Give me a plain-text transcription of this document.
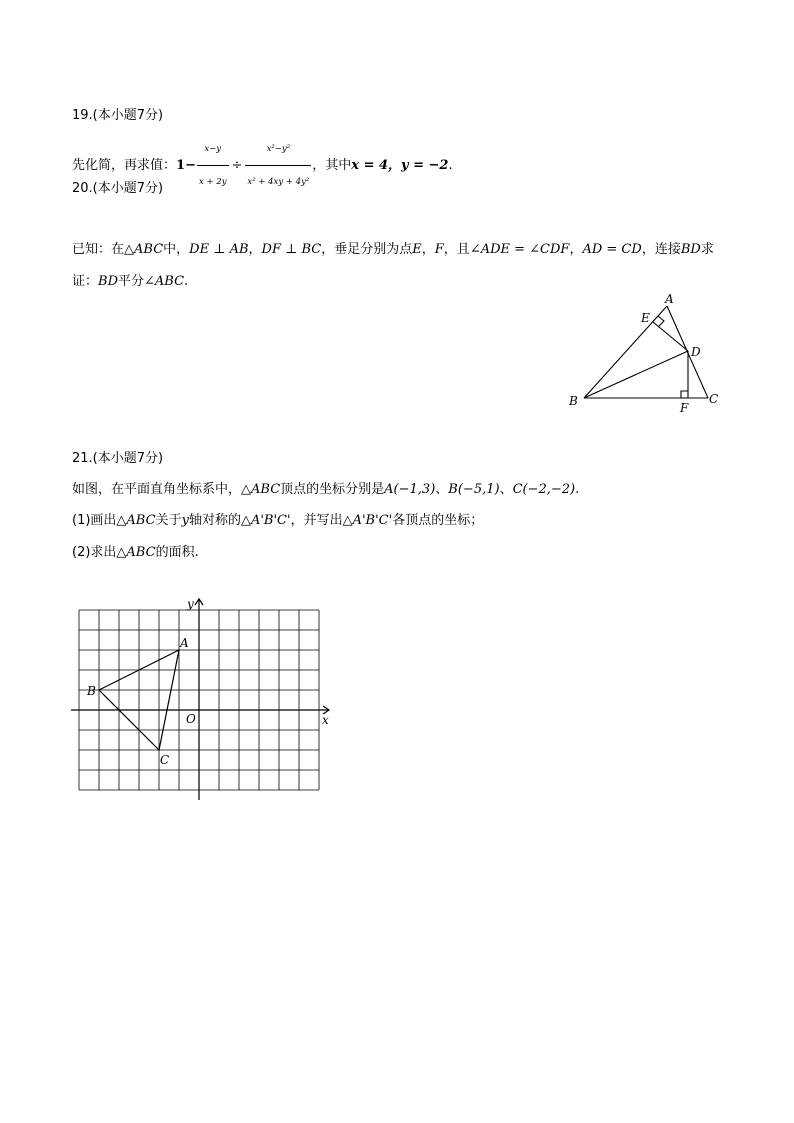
19.(本小题7分)
先化简，再求值：$1- \frac{x-y}{x + 2y} \div \frac{\text{x²−y²}}{\text{x² + 4xy + 4y²}}$ ，其中x = 4，y = −2.
20.(本小题7分)
已知：在△ABC中，DE ⊥ AB，DF ⊥ BC，垂足分别为点E，F，且∠ADE = ∠CDF，AD = CD，连接BD求
证：BD平分∠ABC.
A
E
D
B	F
C
21.(本小题7分)
如图，在平面直角坐标系中，△ABC顶点的坐标分别是A(−1,3)、B(−5,1)、C(−2,−2).
(1)画出△ABC关于y轴对称的△A'B'C'，并写出△A'B'C'各顶点的坐标；
(2)求出△ABC的面积.
x
y
O
A
B
C
